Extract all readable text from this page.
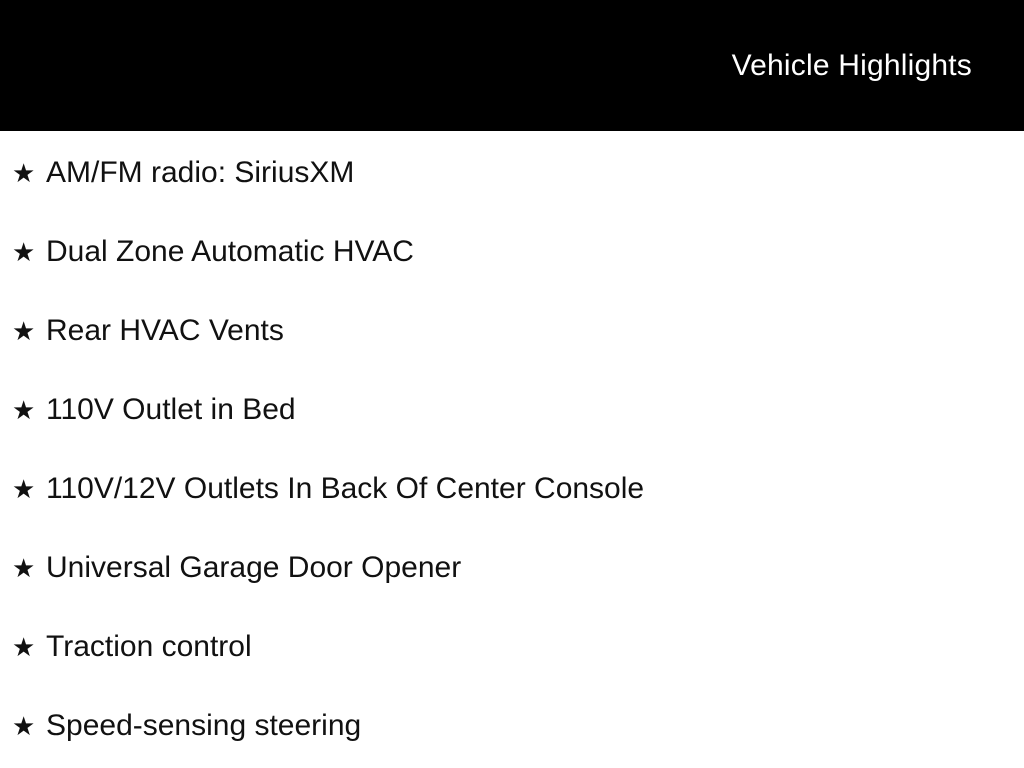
Vehicle Highlights
★ AM/FM radio: SiriusXM
★ Dual Zone Automatic HVAC
★ Rear HVAC Vents
★ 110V Outlet in Bed
★ 110V/12V Outlets In Back Of Center Console
★ Universal Garage Door Opener
★ Traction control
★ Speed-sensing steering
